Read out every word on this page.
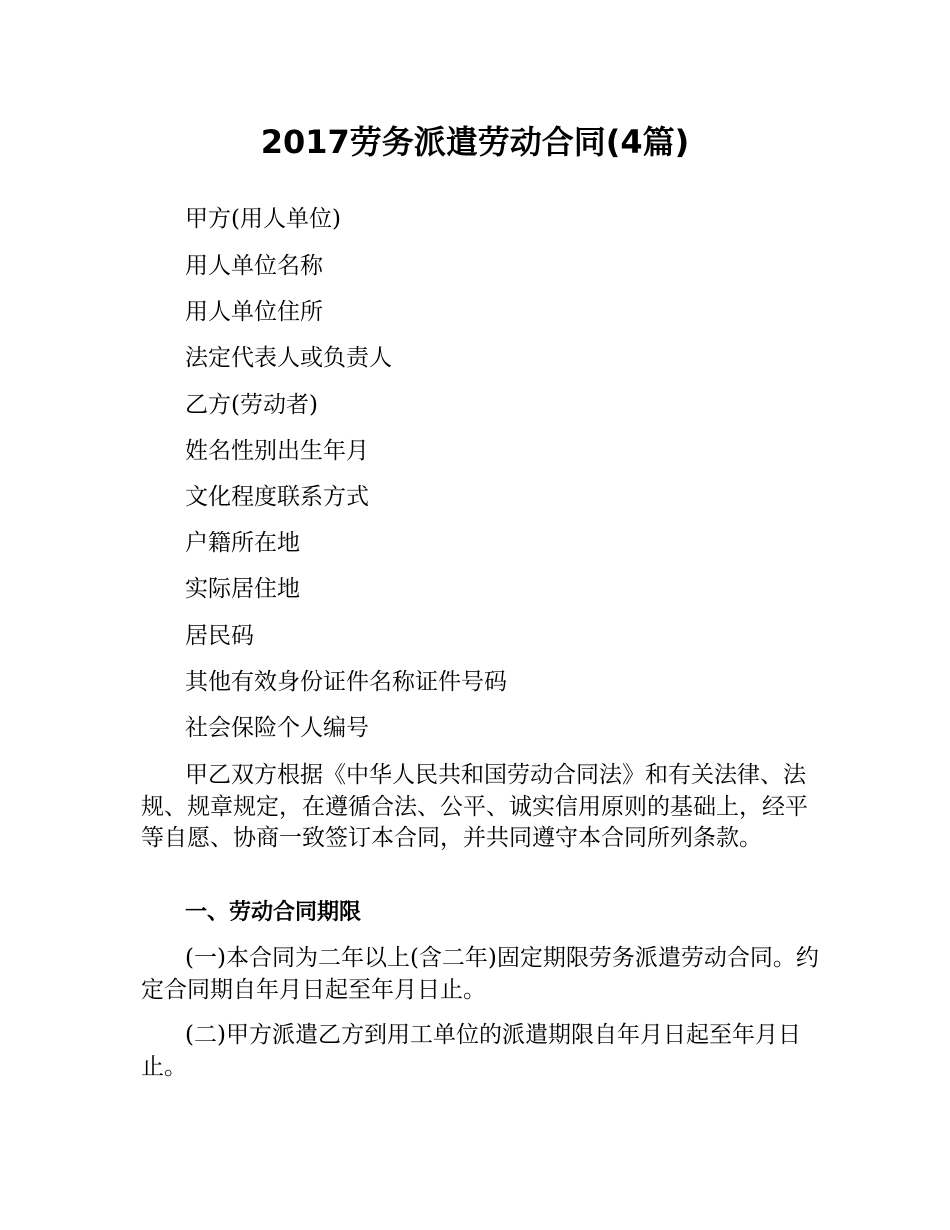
2017劳务派遣劳动合同(4篇)

甲方(用人单位)

用人单位名称

用人单位住所

法定代表人或负责人

乙方(劳动者)

姓名性别出生年月

文化程度联系方式

户籍所在地

实际居住地

居民码

其他有效身份证件名称证件号码

社会保险个人编号

甲乙双方根据《中华人民共和国劳动合同法》和有关法律、法规、规章规定，在遵循合法、公平、诚实信用原则的基础上，经平等自愿、协商一致签订本合同，并共同遵守本合同所列条款。

一、劳动合同期限

(一)本合同为二年以上(含二年)固定期限劳务派遣劳动合同。约定合同期自年月日起至年月日止。

(二)甲方派遣乙方到用工单位的派遣期限自年月日起至年月日止。
